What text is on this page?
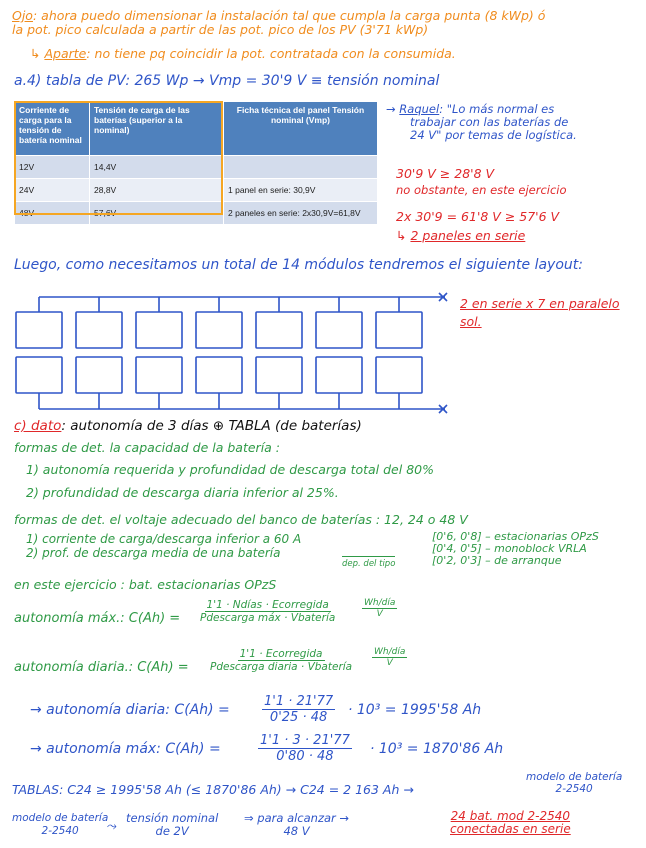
Ojo: ahora puedo dimensionar la instalación tal que cumpla la carga punta (8 kWp) ó
la pot. pico calculada a partir de las pot. pico de los PV (3'71 kWp)
↳ Aparte: no tiene pq coincidir la pot. contratada con la consumida.
a.4) tabla de PV: 265 Wp → Vmp = 30'9 V ≡ tensión nominal
Corriente de carga para la tensión de batería nominal	Tensión de carga de las baterías (superior a la nominal)	Ficha técnica del panel Tensión nominal (Vmp)
12V	14,4V	
24V	28,8V	1 panel en serie: 30,9V
48V	57,6V	2 paneles en serie: 2x30,9V=61,8V
→ Raquel: "Lo más normal es
trabajar con las baterías de
24 V" por temas de logística.
30'9 V ≥ 28'8 V
no obstante, en este ejercicio
2x 30'9 = 61'8 V ≥ 57'6 V
↳ 2 paneles en serie
Luego, como necesitamos un total de 14 módulos tendremos el siguiente layout:
2 en serie x 7 en paralelo
sol.
c) dato: autonomía de 3 días ⊕ TABLA (de baterías)
formas de det. la capacidad de la batería :
1) autonomía requerida y profundidad de descarga total del 80%
2) profundidad de descarga diaria inferior al 25%.
formas de det. el voltaje adecuado del banco de baterías : 12, 24 o 48 V
1) corriente de carga/descarga inferior a 60 A
2) prof. de descarga media de una batería
dep. del tipo
[0'6, 0'8] – estacionarias OPzS
[0'4, 0'5] – monoblock VRLA
[0'2, 0'3] – de arranque
en este ejercicio : bat. estacionarias OPzS
autonomía máx.: C(Ah) =
1'1 · Ndías · Ecorregida
Pdescarga máx · Vbatería
Wh/día
V
autonomía diaria.: C(Ah) =
1'1 · Ecorregida
Pdescarga diaria · Vbatería
Wh/día
V
→ autonomía diaria: $C(Ah) = \frac{1'1 \cdot 21'77}{0'25 \cdot 48} \cdot 10^3 = 1995'58$ Ah
→ autonomía máx: C(Ah) =	$\frac{1'1 \cdot 3 \cdot 21'77}{0'80 \cdot 48} \cdot 10^3 = 1870'86$ Ah
TABLAS: C24 ≥ 1995'58 Ah (≤ 1870'86 Ah) → C24 = 2 163 Ah →
modelo de batería
2-2540
modelo de batería
2-2540	⤳ tensión nominal
de 2V
⇒ para alcanzar →
48 V
24 bat. mod 2-2540
conectadas en serie
